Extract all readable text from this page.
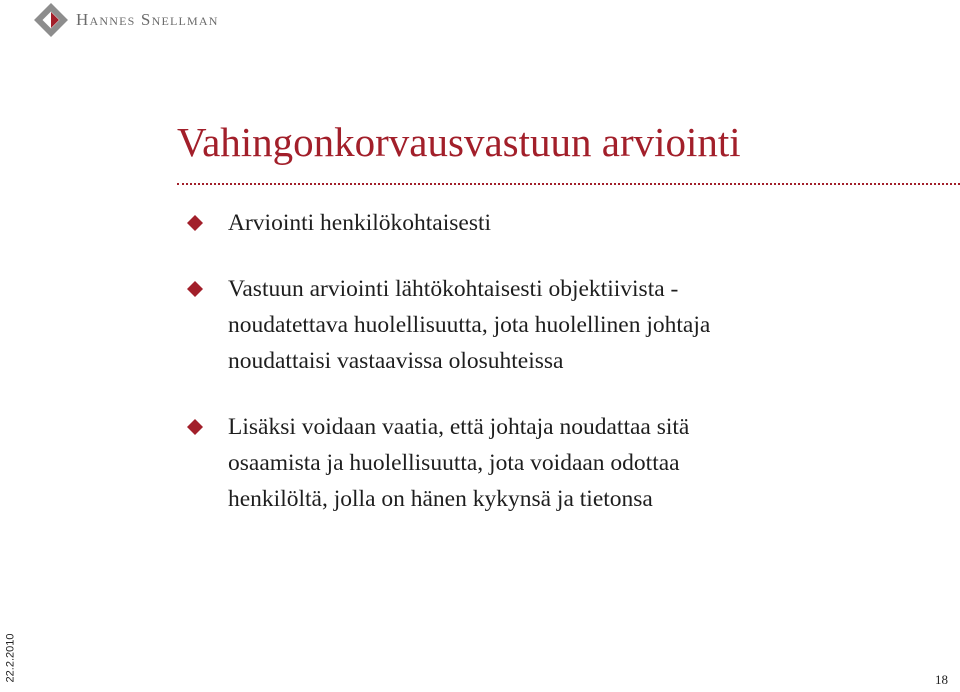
Hannes Snellman
Vahingonkorvausvastuun arviointi
Arviointi henkilökohtaisesti
Vastuun arviointi lähtökohtaisesti objektiivista -
noudatettava huolellisuutta, jota huolellinen johtaja
noudattaisi vastaavissa olosuhteissa
Lisäksi voidaan vaatia, että johtaja noudattaa sitä
osaamista ja huolellisuutta, jota voidaan odottaa
henkilöltä, jolla on hänen kykynsä ja tietonsa
22.2.2010	18
